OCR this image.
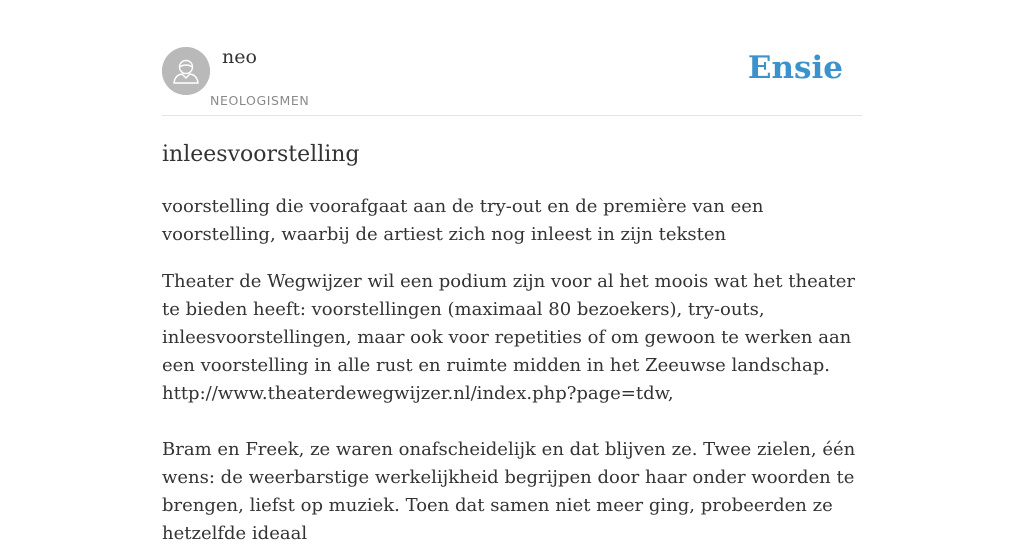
neo
NEOLOGISMEN
Ensie
inleesvoorstelling

voorstelling die voorafgaat aan de try-out en de première van een voorstelling, waarbij de artiest zich nog inleest in zijn teksten

Theater de Wegwijzer wil een podium zijn voor al het moois wat het theater te bieden heeft: voorstellingen (maximaal 80 bezoekers), try-outs, inleesvoorstellingen, maar ook voor repetities of om gewoon te werken aan een voorstelling in alle rust en ruimte midden in het Zeeuwse landschap. http://www.theaterdewegwijzer.nl/index.php?page=tdw,

Bram en Freek, ze waren onafscheidelijk en dat blijven ze. Twee zielen, één wens: de weerbarstige werkelijkheid begrijpen door haar onder woorden te brengen, liefst op muziek. Toen dat samen niet meer ging, probeerden ze hetzelfde ideaal
